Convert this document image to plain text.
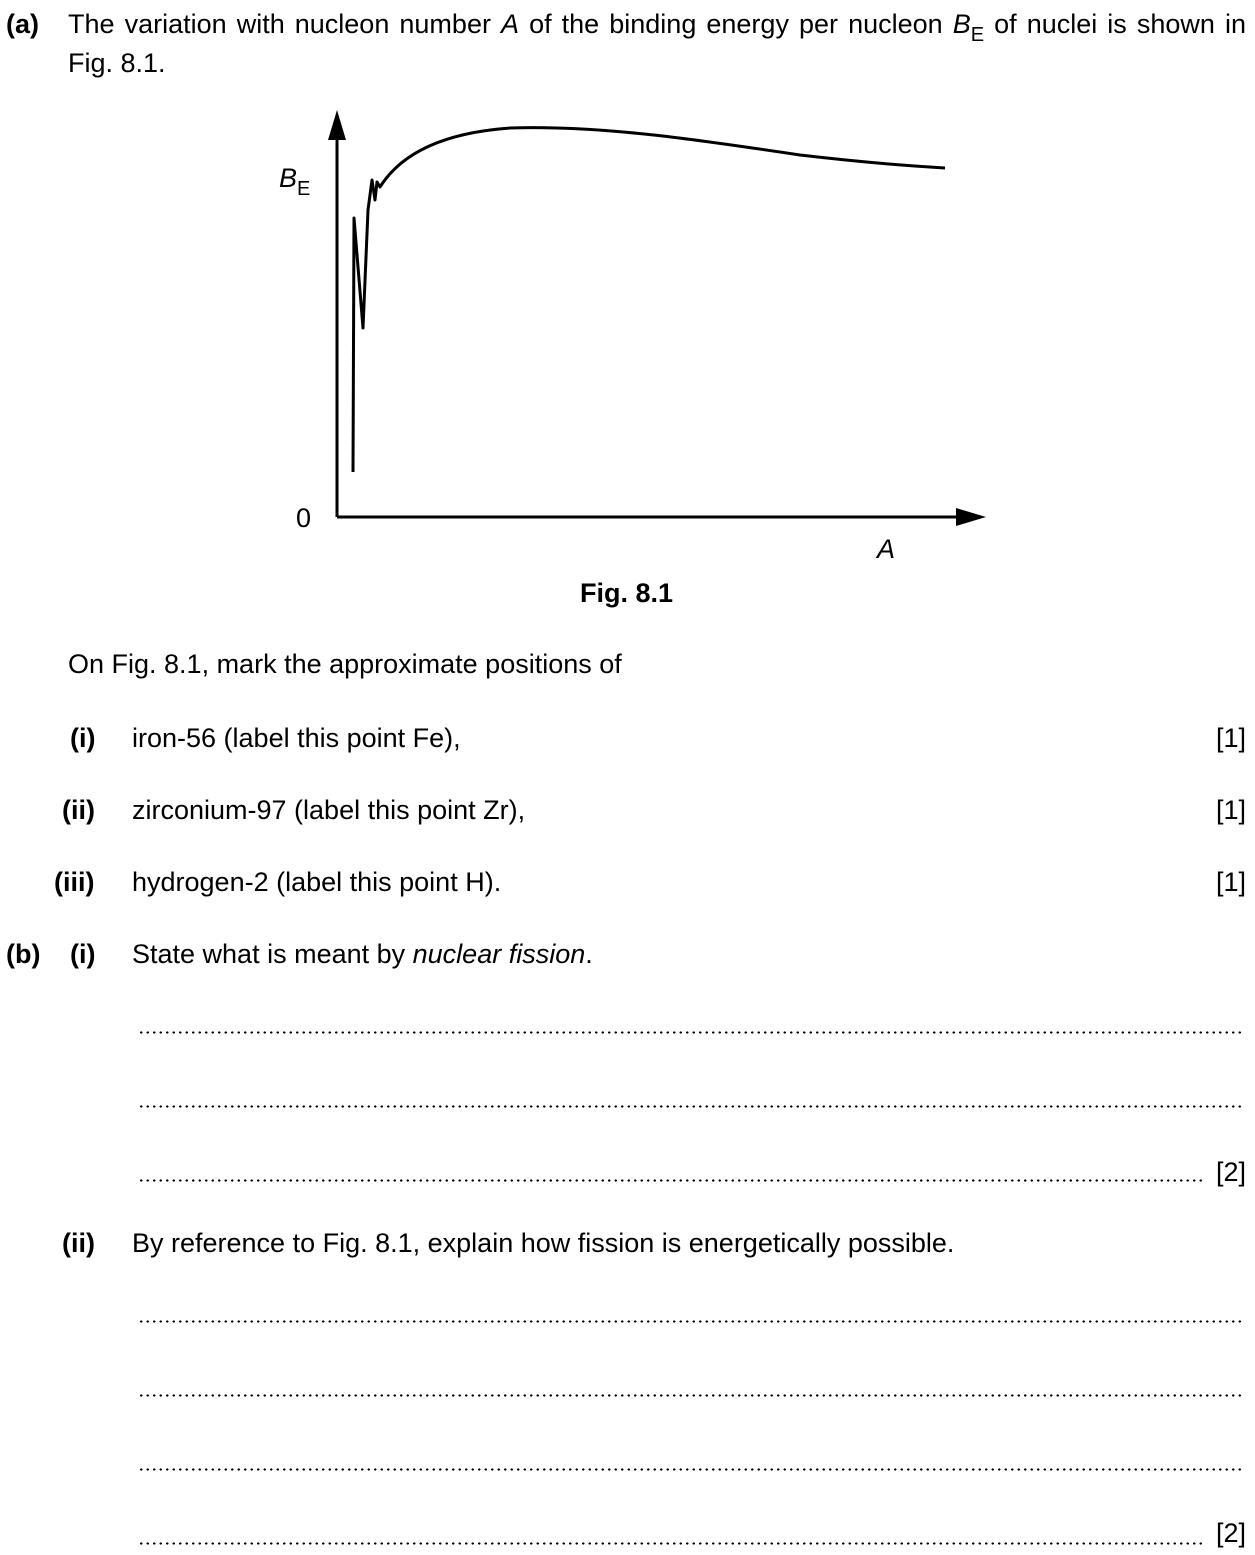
(a) The variation with nucleon number A of the binding energy per nucleon $B_E$ of nuclei is shown in Fig. 8.1.
$B_E$
0
A
Fig. 8.1
On Fig. 8.1, mark the approximate positions of
(i) iron-56 (label this point Fe),	[1]
(ii) zirconium-97 (label this point Zr),	[1]
(iii) hydrogen-2 (label this point H).	[1]
(b) (i) State what is meant by nuclear fission.
[2]
(ii) By reference to Fig. 8.1, explain how fission is energetically possible.
[2]
